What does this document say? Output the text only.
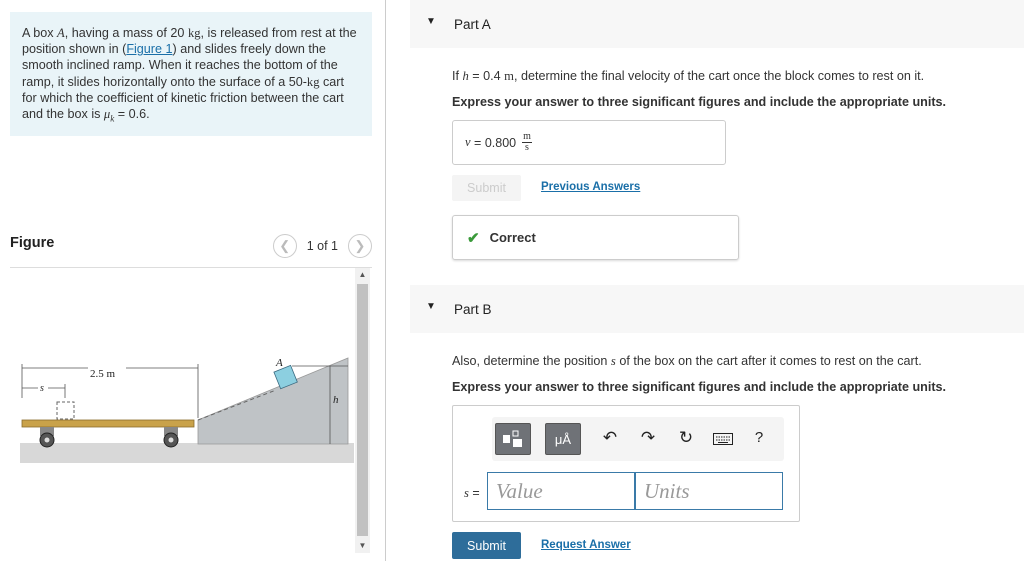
A box A, having a mass of 20 kg, is released from rest at the position shown in (Figure 1) and slides freely down the smooth inclined ramp. When it reaches the bottom of the ramp, it slides horizontally onto the surface of a 50-kg cart for which the coefficient of kinetic friction between the cart and the box is $\mu_k = 0.6$.
Figure	❮	1 of 1	❯
A
2.5 m
s
h
▲
▼
▼ Part A
If h = 0.4 m, determine the final velocity of the cart once the block comes to rest on it.
Express your answer to three significant figures and include the appropriate units.
$v = 0.800 \frac{m}{s}$
Submit	Previous Answers
✔ Correct
▼ Part B
Also, determine the position s of the box on the cart after it comes to rest on the cart.
Express your answer to three significant figures and include the appropriate units.
μÅ	↶ ↷ ↻	?
s = Value	Units
Submit	Request Answer
